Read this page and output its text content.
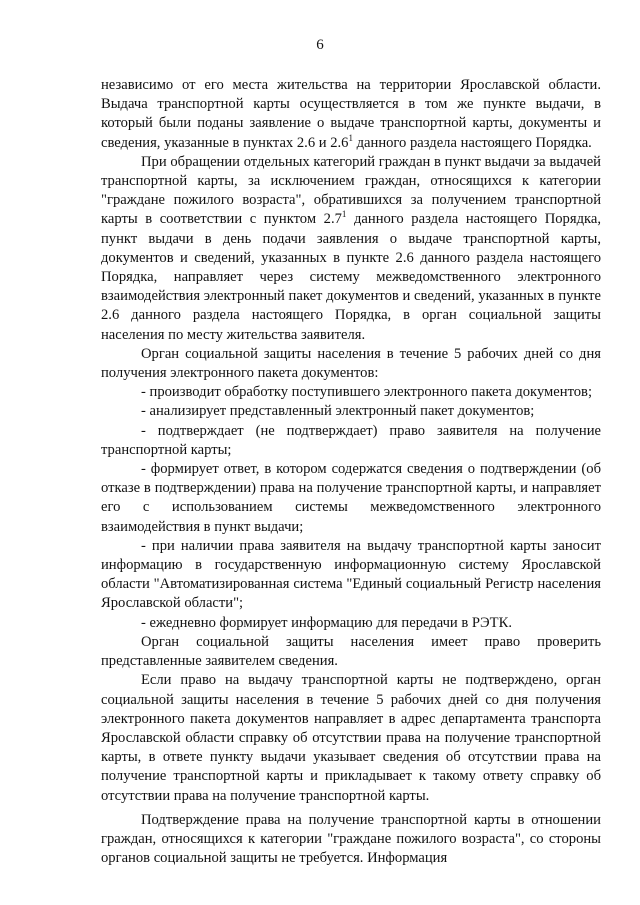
6

независимо от его места жительства на территории Ярославской области. Выдача транспортной карты осуществляется в том же пункте выдачи, в который были поданы заявление о выдаче транспортной карты, документы и сведения, указанные в пунктах 2.6 и $2.6^1$ данного раздела настоящего Порядка.

При обращении отдельных категорий граждан в пункт выдачи за выдачей транспортной карты, за исключением граждан, относящихся к категории "граждане пожилого возраста", обратившихся за получением транспортной карты в соответствии с пунктом $2.7^1$ данного раздела настоящего Порядка, пункт выдачи в день подачи заявления о выдаче транспортной карты, документов и сведений, указанных в пункте 2.6 данного раздела настоящего Порядка, направляет через систему межведомственного электронного взаимодействия электронный пакет документов и сведений, указанных в пункте 2.6 данного раздела настоящего Порядка, в орган социальной защиты населения по месту жительства заявителя.

Орган социальной защиты населения в течение 5 рабочих дней со дня получения электронного пакета документов:

- производит обработку поступившего электронного пакета документов;

- анализирует представленный электронный пакет документов;

- подтверждает (не подтверждает) право заявителя на получение транспортной карты;

- формирует ответ, в котором содержатся сведения о подтверждении (об отказе в подтверждении) права на получение транспортной карты, и направляет его с использованием системы межведомственного электронного взаимодействия в пункт выдачи;

- при наличии права заявителя на выдачу транспортной карты заносит информацию в государственную информационную систему Ярославской области "Автоматизированная система "Единый социальный Регистр населения Ярославской области";

- ежедневно формирует информацию для передачи в РЭТК.

Орган социальной защиты населения имеет право проверить представленные заявителем сведения.

Если право на выдачу транспортной карты не подтверждено, орган социальной защиты населения в течение 5 рабочих дней со дня получения электронного пакета документов направляет в адрес департамента транспорта Ярославской области справку об отсутствии права на получение транспортной карты, в ответе пункту выдачи указывает сведения об отсутствии права на получение транспортной карты и прикладывает к такому ответу справку об отсутствии права на получение транспортной карты.

Подтверждение права на получение транспортной карты в отношении граждан, относящихся к категории "граждане пожилого возраста", со стороны органов социальной защиты не требуется. Информация
